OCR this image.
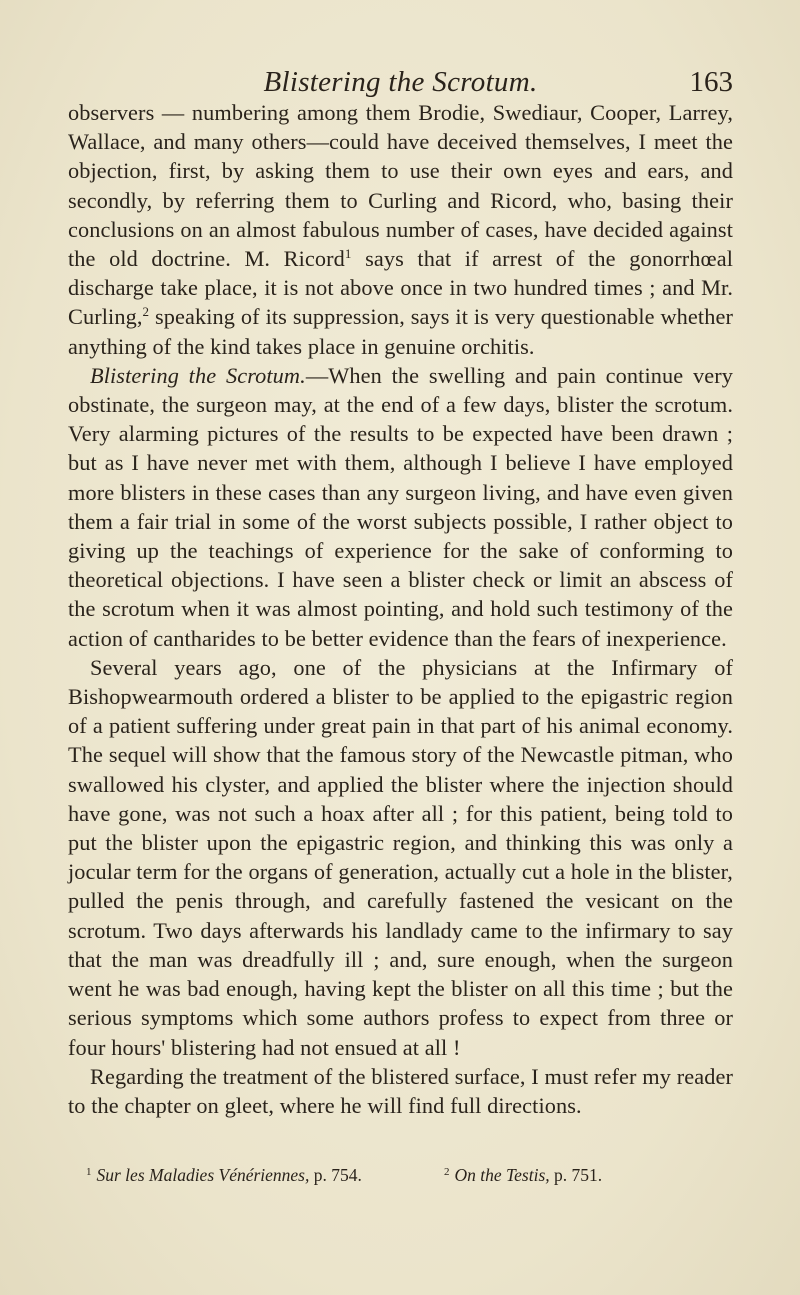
Blistering the Scrotum.	163

observers — numbering among them Brodie, Swediaur, Cooper, Larrey, Wallace, and many others—could have deceived themselves, I meet the objection, first, by asking them to use their own eyes and ears, and secondly, by referring them to Curling and Ricord, who, basing their conclusions on an almost fabulous number of cases, have decided against the old doctrine. M. Ricord$^1$ says that if arrest of the gonorrhœal discharge take place, it is not above once in two hundred times ; and Mr. Curling,$^2$ speaking of its suppression, says it is very questionable whether anything of the kind takes place in genuine orchitis.

Blistering the Scrotum.—When the swelling and pain continue very obstinate, the surgeon may, at the end of a few days, blister the scrotum. Very alarming pictures of the results to be expected have been drawn ; but as I have never met with them, although I believe I have employed more blisters in these cases than any surgeon living, and have even given them a fair trial in some of the worst subjects possible, I rather object to giving up the teachings of experience for the sake of conforming to theoretical objections. I have seen a blister check or limit an abscess of the scrotum when it was almost pointing, and hold such testimony of the action of cantharides to be better evidence than the fears of inexperience.

Several years ago, one of the physicians at the Infirmary of Bishopwearmouth ordered a blister to be applied to the epigastric region of a patient suffering under great pain in that part of his animal economy. The sequel will show that the famous story of the Newcastle pitman, who swallowed his clyster, and applied the blister where the injection should have gone, was not such a hoax after all ; for this patient, being told to put the blister upon the epigastric region, and thinking this was only a jocular term for the organs of generation, actually cut a hole in the blister, pulled the penis through, and carefully fastened the vesicant on the scrotum. Two days afterwards his landlady came to the infirmary to say that the man was dreadfully ill ; and, sure enough, when the surgeon went he was bad enough, having kept the blister on all this time ; but the serious symptoms which some authors profess to expect from three or four hours' blistering had not ensued at all !

Regarding the treatment of the blistered surface, I must refer my reader to the chapter on gleet, where he will find full directions.

$^1$ Sur les Maladies Vénériennes, p. 754.	$^2$ On the Testis, p. 751.
